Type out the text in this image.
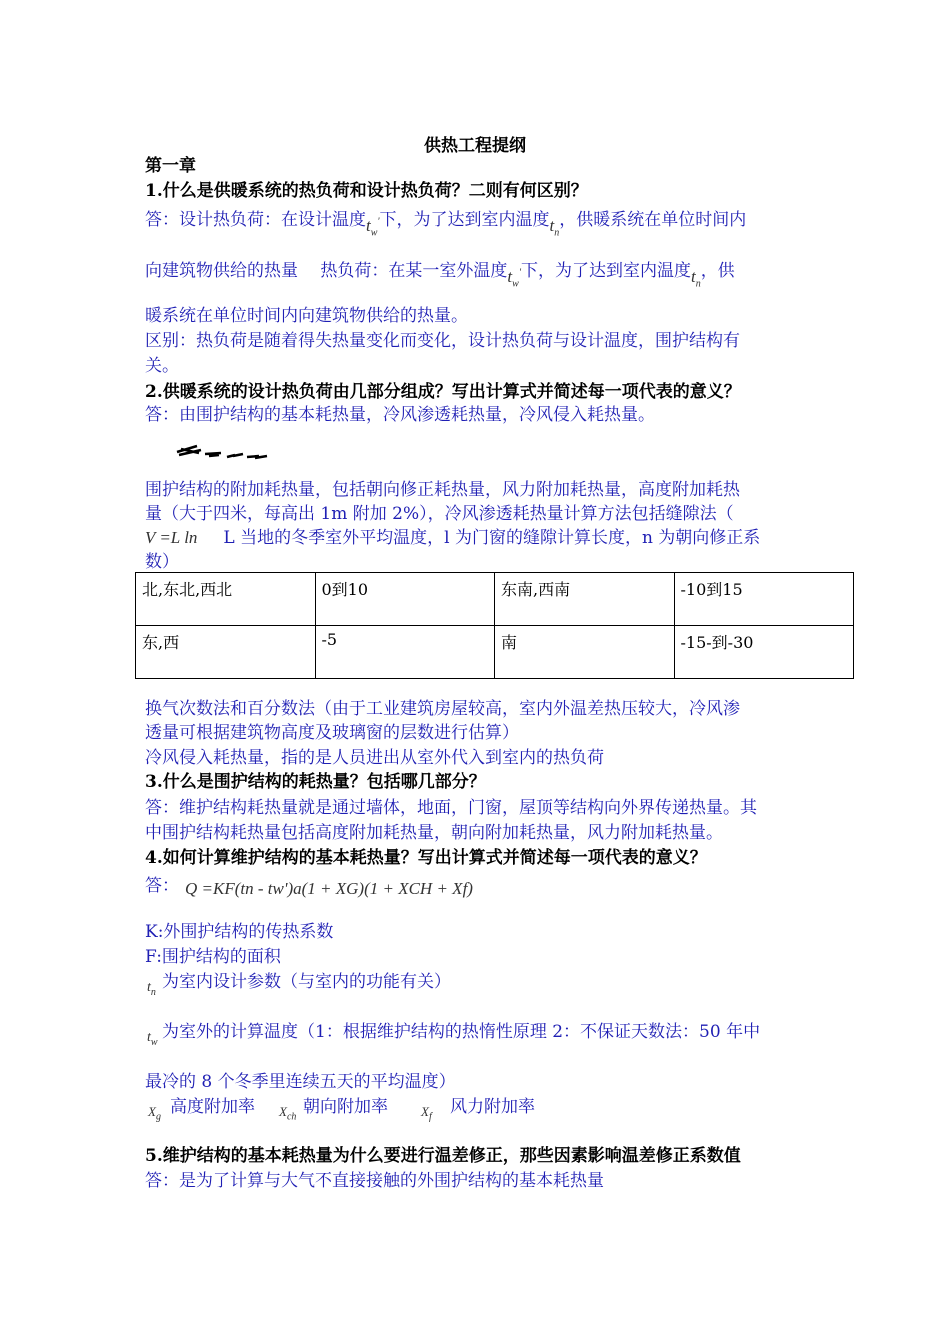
供热工程提纲
第一章
1.什么是供暖系统的热负荷和设计热负荷？二则有何区别？
答：设计热负荷：在设计温度$t_w'$下，为了达到室内温度$t_n$，供暖系统在单位时间内
向建筑物供给的热量　 热负荷：在某一室外温度$t_w'$下，为了达到室内温度$t_n$，供
暖系统在单位时间内向建筑物供给的热量。
区别：热负荷是随着得失热量变化而变化，设计热负荷与设计温度，围护结构有
关。
2.供暖系统的设计热负荷由几部分组成？写出计算式并简述每一项代表的意义？
答：由围护结构的基本耗热量，冷风渗透耗热量，冷风侵入耗热量。
围护结构的附加耗热量，包括朝向修正耗热量，风力附加耗热量，高度附加耗热
量（大于四米，每高出 1m 附加 2%），冷风渗透耗热量计算方法包括缝隙法（
V =L ln L 当地的冬季室外平均温度，l 为门窗的缝隙计算长度，n 为朝向修正系
数）
北,东北,西北	0到10	东南,西南	-10到15
东,西	-5	南	-15-到-30
换气次数法和百分数法（由于工业建筑房屋较高，室内外温差热压较大，冷风渗
透量可根据建筑物高度及玻璃窗的层数进行估算）
冷风侵入耗热量，指的是人员进出从室外代入到室内的热负荷
3.什么是围护结构的耗热量？包括哪几部分？
答：维护结构耗热量就是通过墙体，地面，门窗，屋顶等结构向外界传递热量。其
中围护结构耗热量包括高度附加耗热量，朝向附加耗热量，风力附加耗热量。
4.如何计算维护结构的基本耗热量？写出计算式并简述每一项代表的意义？
答： Q =KF(tn - tw')a(1 + XG)(1 + XCH + Xf)
K:外围护结构的传热系数
F:围护结构的面积
$t_n$
为室内设计参数（与室内的功能有关）
$t_w$
为室外的计算温度（1：根据维护结构的热惰性原理 2：不保证天数法：50 年中
最冷的 8 个冬季里连续五天的平均温度）
$X_g$
高度附加率 $X_{ch}$
朝向附加率	$X_f$
风力附加率
5.维护结构的基本耗热量为什么要进行温差修正，那些因素影响温差修正系数值
答：是为了计算与大气不直接接触的外围护结构的基本耗热量
